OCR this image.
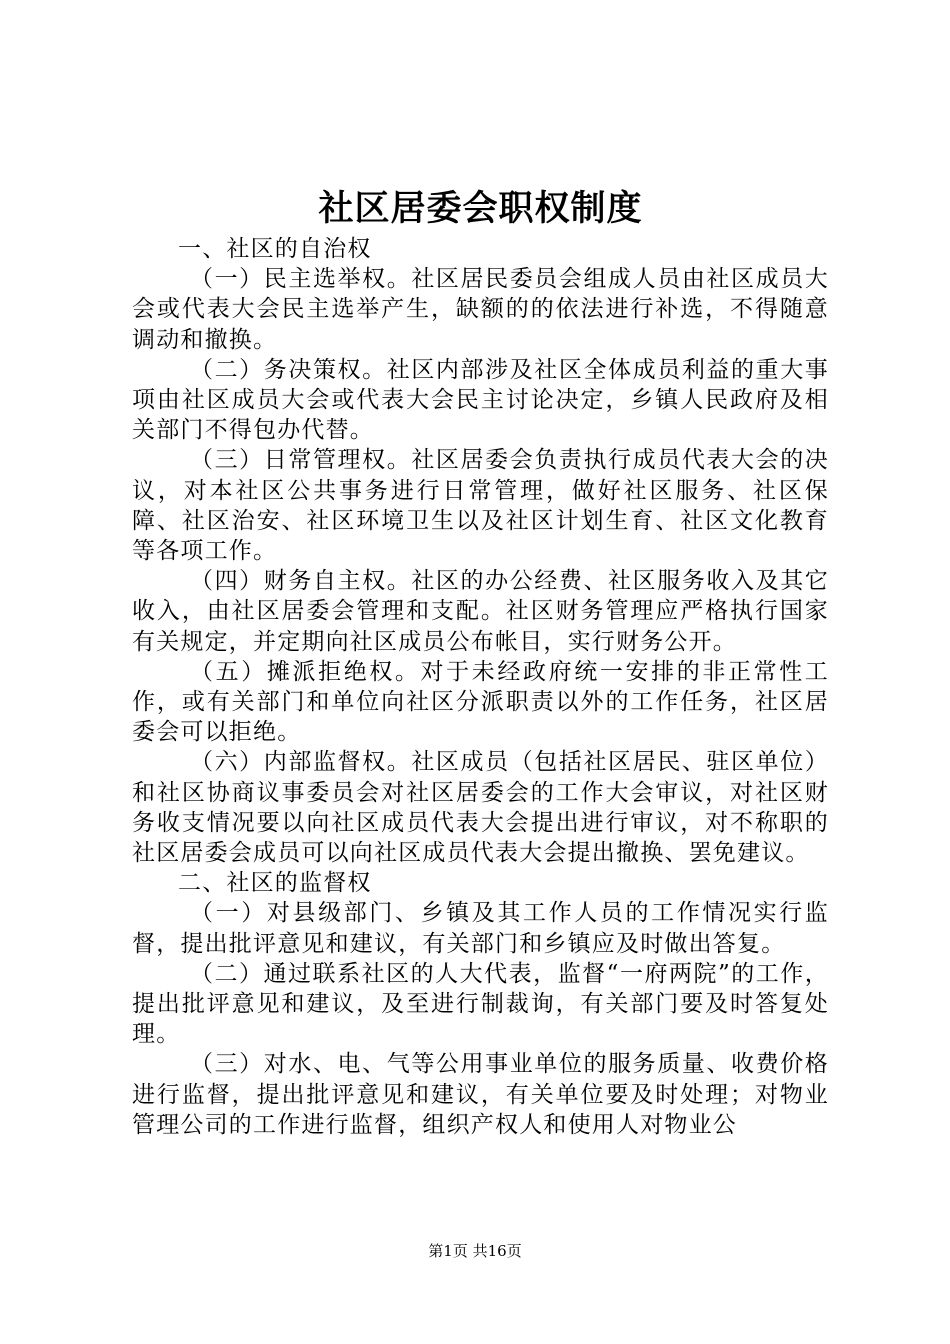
社区居委会职权制度

一、社区的自治权

（一）民主选举权。社区居民委员会组成人员由社区成员大会或代表大会民主选举产生，缺额的的依法进行补选，不得随意调动和撤换。

（二）务决策权。社区内部涉及社区全体成员利益的重大事项由社区成员大会或代表大会民主讨论决定，乡镇人民政府及相关部门不得包办代替。

（三）日常管理权。社区居委会负责执行成员代表大会的决议，对本社区公共事务进行日常管理，做好社区服务、社区保障、社区治安、社区环境卫生以及社区计划生育、社区文化教育等各项工作。

（四）财务自主权。社区的办公经费、社区服务收入及其它收入，由社区居委会管理和支配。社区财务管理应严格执行国家有关规定，并定期向社区成员公布帐目，实行财务公开。

（五）摊派拒绝权。对于未经政府统一安排的非正常性工作，或有关部门和单位向社区分派职责以外的工作任务，社区居委会可以拒绝。

（六）内部监督权。社区成员（包括社区居民、驻区单位）和社区协商议事委员会对社区居委会的工作大会审议，对社区财务收支情况要以向社区成员代表大会提出进行审议，对不称职的社区居委会成员可以向社区成员代表大会提出撤换、罢免建议。

二、社区的监督权

（一）对县级部门、乡镇及其工作人员的工作情况实行监督，提出批评意见和建议，有关部门和乡镇应及时做出答复。

（二）通过联系社区的人大代表，监督“一府两院”的工作，提出批评意见和建议，及至进行制裁询，有关部门要及时答复处理。

（三）对水、电、气等公用事业单位的服务质量、收费价格进行监督，提出批评意见和建议，有关单位要及时处理；对物业管理公司的工作进行监督，组织产权人和使用人对物业公

第1页 共16页
